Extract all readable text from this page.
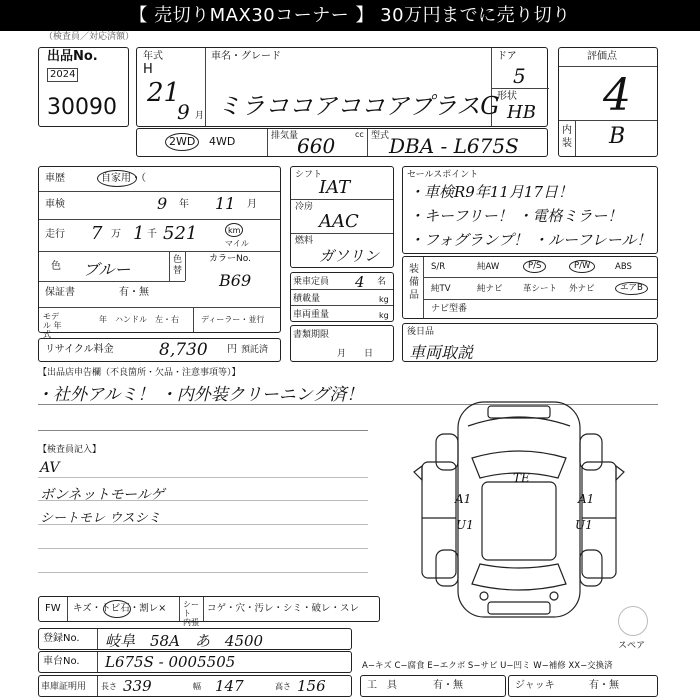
【 売切りMAX30コーナー 】 30万円までに売り切り
（検査員／対応済額）
出品No.
2024
30090
年式
H
21
9 月
車名・グレード
ミラココア ココアプラスG
ドア
5
形状
HB
評価点
4
内装 B
2WD 4WD	排気量
660 cc 型式 DBA - L675S
車歴	自家用・（
車検	9 年 11 月
走行 7 万 1 千 521	km
マイル
色 ブルー	色替
カラーNo.
B69
保証書	有・無
モデル 年式
年　ハンドル　左・右	ディーラー・並行
リサイクル料金	8,730 円 預託済
シフト
IAT
冷房
AAC
燃料
ガソリン
乗車定員 4 名
積載量	kg
車両重量	kg
書類期限
月　　日
セールスポイント
・車検R9年11月17日！
・キーフリー！ ・電格ミラー！
・フォグランプ！ ・ルーフレール！
装備品
S/R	純AW	P/S	P/W	ABS
純TV	純ナビ 革シート 外ナビ	エアB
ナビ型番
後日品
車両取説
【出品店申告欄（不良箇所・欠品・注意事項等）】
・社外アルミ！ ・内外装クリーニング済！
【検査員記入】
AV
ボンネットモールゲ
シートモレ ウスシミ
TE
A1	A1
U1	U1
スペア
FW キズ・トビ石・割レ× シート 内張
コゲ・穴・汚レ・シミ・破レ・スレ
登録No. 岐阜　58A　あ　4500
車台No. L675S - 0005505
車庫証明用 長さ 339	幅 147	高さ 156
A−キズ C−腐食 E−エクボ S−サビ U−凹ミ W−補修 XX−交換済
工　具	有・無	ジャッキ	有・無
